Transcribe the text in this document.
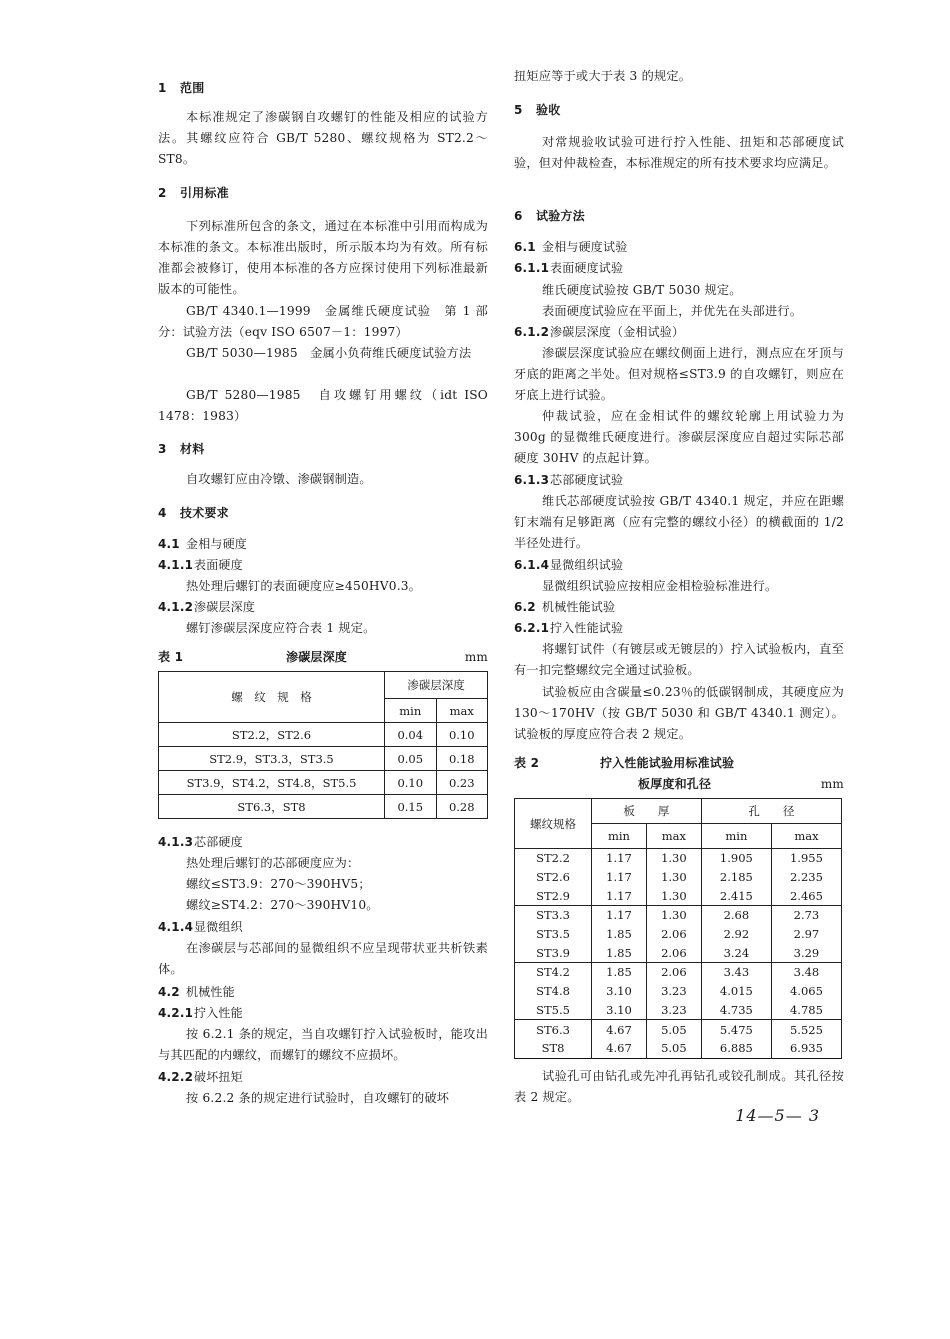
1 范围

本标准规定了渗碳钢自攻螺钉的性能及相应的试验方法。其螺纹应符合 GB/T 5280、螺纹规格为 ST2.2～ST8。

2 引用标准

下列标准所包含的条文，通过在本标准中引用而构成为本标准的条文。本标准出版时，所示版本均为有效。所有标准都会被修订，使用本标准的各方应探讨使用下列标准最新版本的可能性。

GB/T 4340.1—1999　金属维氏硬度试验　第 1 部分：试验方法（eqv ISO 6507－1：1997）

GB/T 5030—1985　金属小负荷维氏硬度试验方法

GB/T 5280—1985　自攻螺钉用螺纹（idt ISO 1478：1983）

3 材料

自攻螺钉应由冷镦、渗碳钢制造。

4 技术要求

4.1 金相与硬度

4.1.1表面硬度

热处理后螺钉的表面硬度应≥450HV0.3。

4.1.2渗碳层深度

螺钉渗碳层深度应符合表 1 规定。

表 1	渗碳层深度	mm

螺　纹　规　格	渗碳层深度	
	min	max
ST2.2，ST2.6	0.04	0.10
ST2.9，ST3.3，ST3.5	0.05	0.18
ST3.9，ST4.2，ST4.8，ST5.5	0.10	0.23
ST6.3，ST8	0.15	0.28

4.1.3芯部硬度

热处理后螺钉的芯部硬度应为：

螺纹≤ST3.9：270～390HV5；

螺纹≥ST4.2：270～390HV10。

4.1.4显微组织

在渗碳层与芯部间的显微组织不应呈现带状亚共析铁素体。

4.2 机械性能

4.2.1拧入性能

按 6.2.1 条的规定，当自攻螺钉拧入试验板时，能攻出与其匹配的内螺纹，而螺钉的螺纹不应损坏。

4.2.2破坏扭矩

按 6.2.2 条的规定进行试验时，自攻螺钉的破坏

扭矩应等于或大于表 3 的规定。

5 验收

对常规验收试验可进行拧入性能、扭矩和芯部硬度试验，但对仲裁检查，本标准规定的所有技术要求均应满足。

6 试验方法

6.1 金相与硬度试验

6.1.1表面硬度试验

维氏硬度试验按 GB/T 5030 规定。

表面硬度试验应在平面上，并优先在头部进行。

6.1.2渗碳层深度（金相试验）

渗碳层深度试验应在螺纹侧面上进行，测点应在牙顶与牙底的距离之半处。但对规格≤ST3.9 的自攻螺钉，则应在牙底上进行试验。

仲裁试验，应在金相试件的螺纹轮廓上用试验力为 300g 的显微维氏硬度进行。渗碳层深度应自超过实际芯部硬度 30HV 的点起计算。

6.1.3芯部硬度试验

维氏芯部硬度试验按 GB/T 4340.1 规定，并应在距螺钉末端有足够距离（应有完整的螺纹小径）的横截面的 1/2 半径处进行。

6.1.4显微组织试验

显微组织试验应按相应金相检验标准进行。

6.2 机械性能试验

6.2.1拧入性能试验

将螺钉试件（有镀层或无镀层的）拧入试验板内，直至有一扣完整螺纹完全通过试验板。

试验板应由含碳量≤0.23％的低碳钢制成，其硬度应为 130～170HV（按 GB/T 5030 和 GB/T 4340.1 测定）。试验板的厚度应符合表 2 规定。

表 2	拧入性能试验用标准试验

板厚度和孔径	mm

螺纹规格	板　　厚		孔　　径	
	min	max	min	max
ST2.2	1.17	1.30	1.905	1.955
ST2.6	1.17	1.30	2.185	2.235
ST2.9	1.17	1.30	2.415	2.465
ST3.3	1.17	1.30	2.68	2.73
ST3.5	1.85	2.06	2.92	2.97
ST3.9	1.85	2.06	3.24	3.29
ST4.2	1.85	2.06	3.43	3.48
ST4.8	3.10	3.23	4.015	4.065
ST5.5	3.10	3.23	4.735	4.785
ST6.3	4.67	5.05	5.475	5.525
ST8	4.67	5.05	6.885	6.935

试验孔可由钻孔或先冲孔再钻孔或铰孔制成。其孔径按表 2 规定。

14—5— 3
